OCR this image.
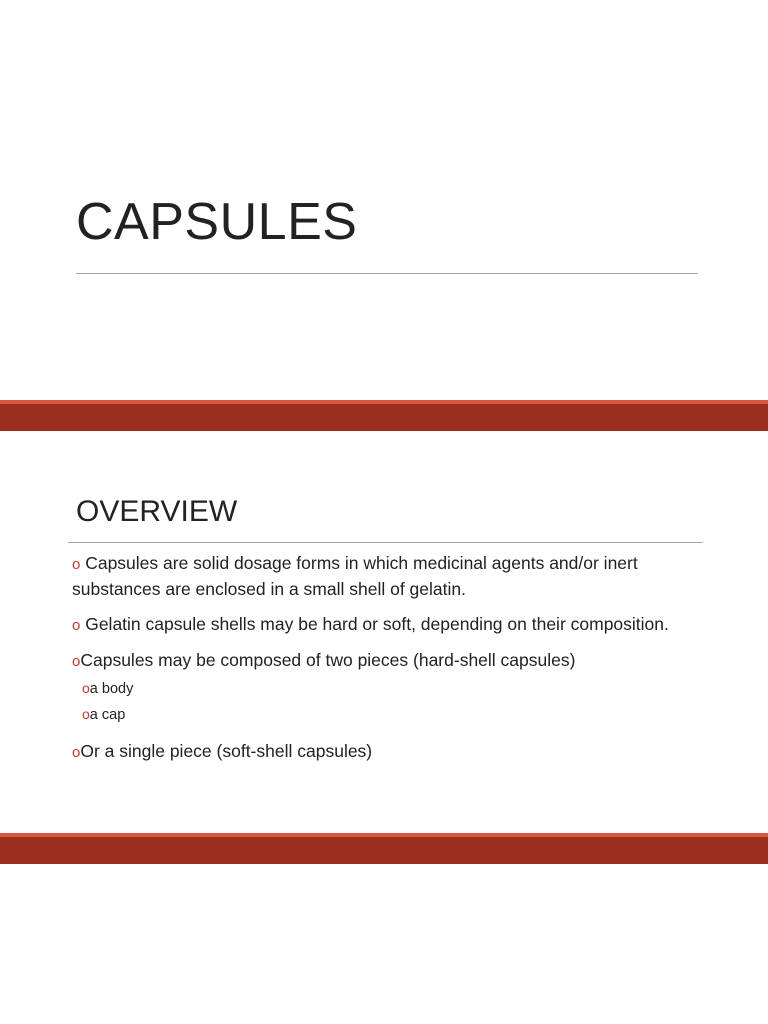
CAPSULES
OVERVIEW
o Capsules are solid dosage forms in which medicinal agents and/or inert substances are enclosed in a small shell of gelatin.
o Gelatin capsule shells may be hard or soft, depending on their composition.
oCapsules may be composed of two pieces (hard-shell capsules)
oa body
oa cap
oOr a single piece (soft-shell capsules)
